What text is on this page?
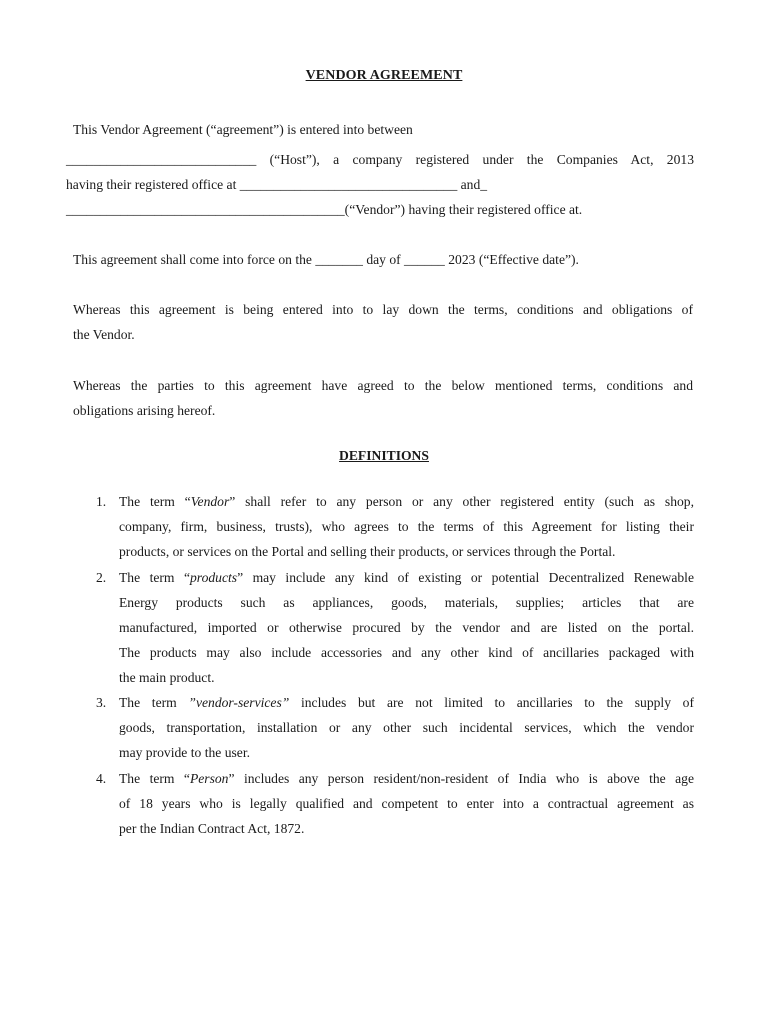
VENDOR AGREEMENT
This Vendor Agreement (“agreement”) is entered into between
____________________________ (“Host”), a company registered under the Companies Act, 2013
having their registered office at ________________________________ and_
_________________________________________(“Vendor”) having their registered office at.
This agreement shall come into force on the _______ day of ______ 2023 (“Effective date”).
Whereas this agreement is being entered into to lay down the terms, conditions and obligations of
the Vendor.
Whereas the parties to this agreement have agreed to the below mentioned terms, conditions and
obligations arising hereof.
DEFINITIONS
1. The term “Vendor” shall refer to any person or any other registered entity (such as shop,
company, firm, business, trusts), who agrees to the terms of this Agreement for listing their
products, or services on the Portal and selling their products, or services through the Portal.
2. The term “products” may include any kind of existing or potential Decentralized Renewable
Energy products such as appliances, goods, materials, supplies; articles that are
manufactured, imported or otherwise procured by the vendor and are listed on the portal.
The products may also include accessories and any other kind of ancillaries packaged with
the main product.
3. The term ”vendor-services” includes but are not limited to ancillaries to the supply of
goods, transportation, installation or any other such incidental services, which the vendor
may provide to the user.
4. The term “Person” includes any person resident/non-resident of India who is above the age
of 18 years who is legally qualified and competent to enter into a contractual agreement as
per the Indian Contract Act, 1872.
